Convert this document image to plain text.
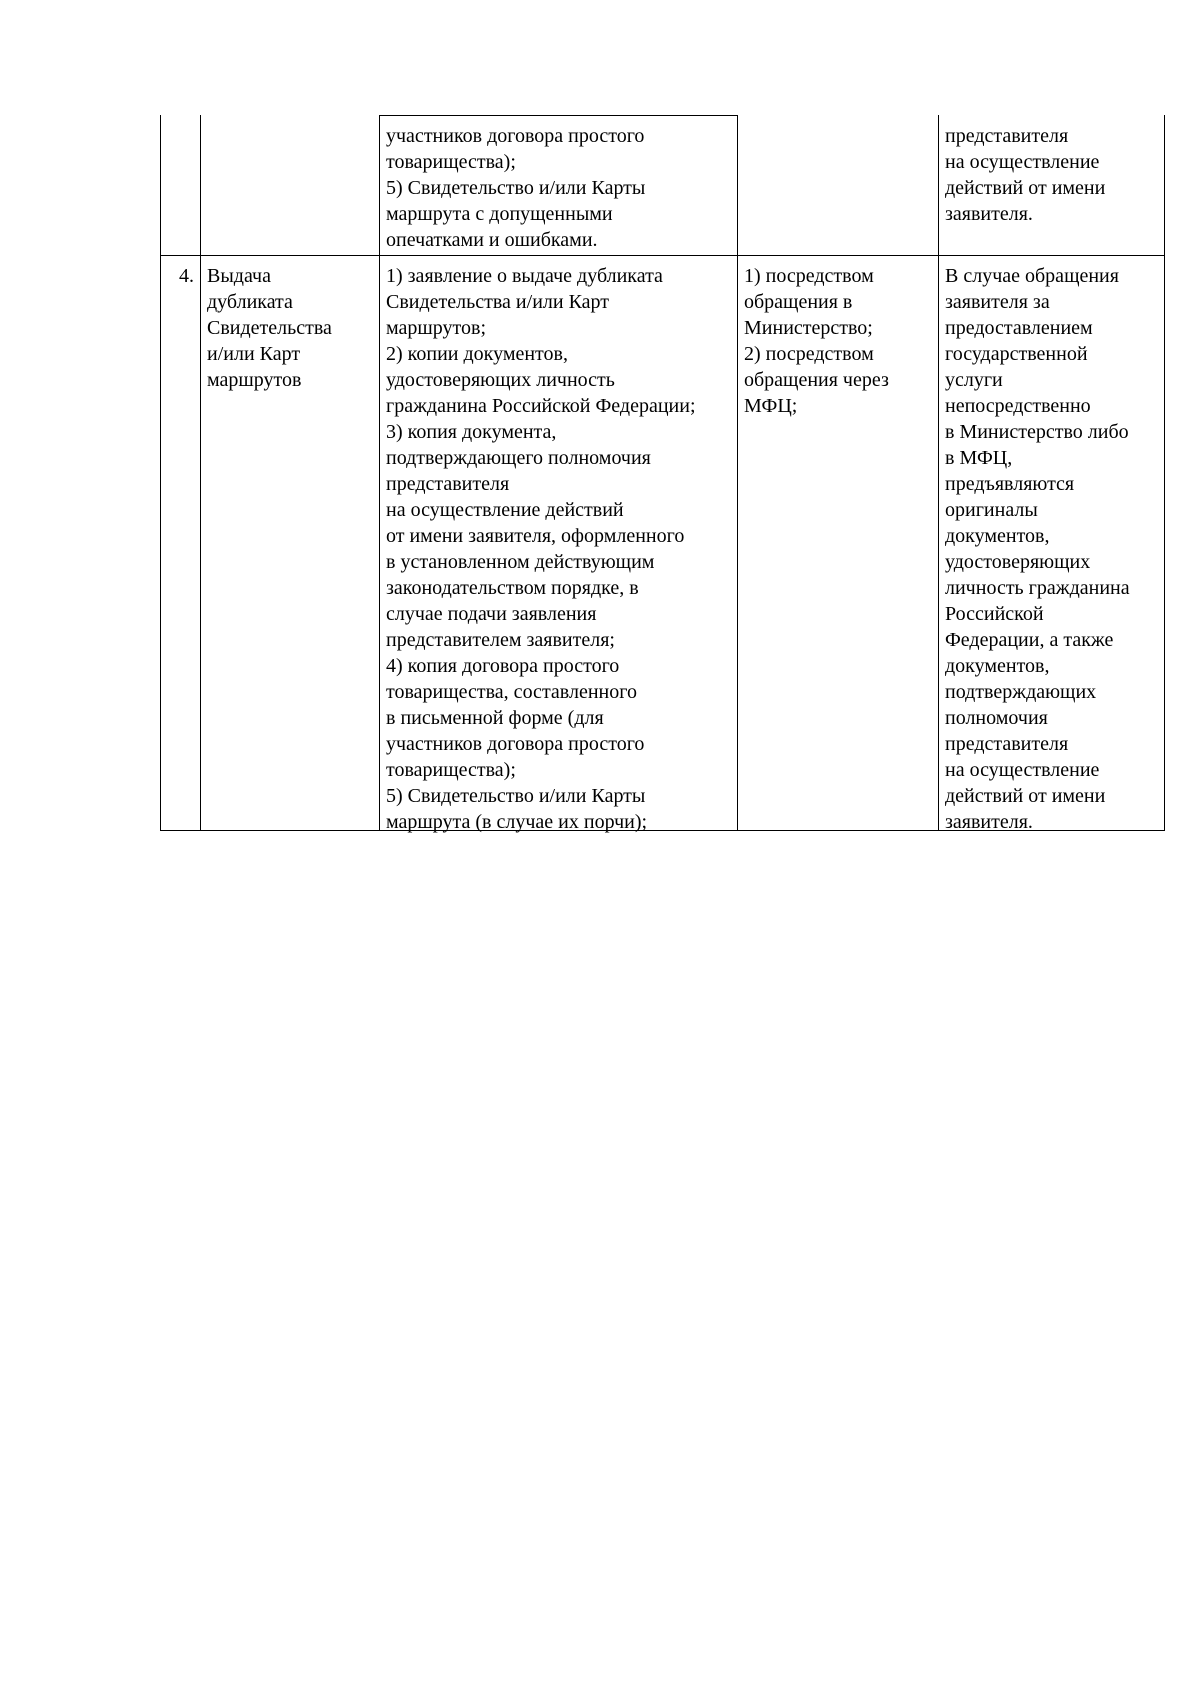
участников договора простого
товарищества);
5) Свидетельство и/или Карты
маршрута с допущенными
опечатками и ошибками.
представителя
на осуществление
действий от имени
заявителя.
4. Выдача
дубликата
Свидетельства
и/или Карт
маршрутов
1) заявление о выдаче дубликата
Свидетельства и/или Карт
маршрутов;
2) копии документов,
удостоверяющих личность
гражданина Российской Федерации;
3) копия документа,
подтверждающего полномочия
представителя
на осуществление действий
от имени заявителя, оформленного
в установленном действующим
законодательством порядке, в
случае подачи заявления
представителем заявителя;
4) копия договора простого
товарищества, составленного
в письменной форме (для
участников договора простого
товарищества);
5) Свидетельство и/или Карты
маршрута (в случае их порчи);
1) посредством
обращения в
Министерство;
2) посредством
обращения через
МФЦ;
В случае обращения
заявителя за
предоставлением
государственной
услуги
непосредственно
в Министерство либо
в МФЦ,
предъявляются
оригиналы
документов,
удостоверяющих
личность гражданина
Российской
Федерации, а также
документов,
подтверждающих
полномочия
представителя
на осуществление
действий от имени
заявителя.
